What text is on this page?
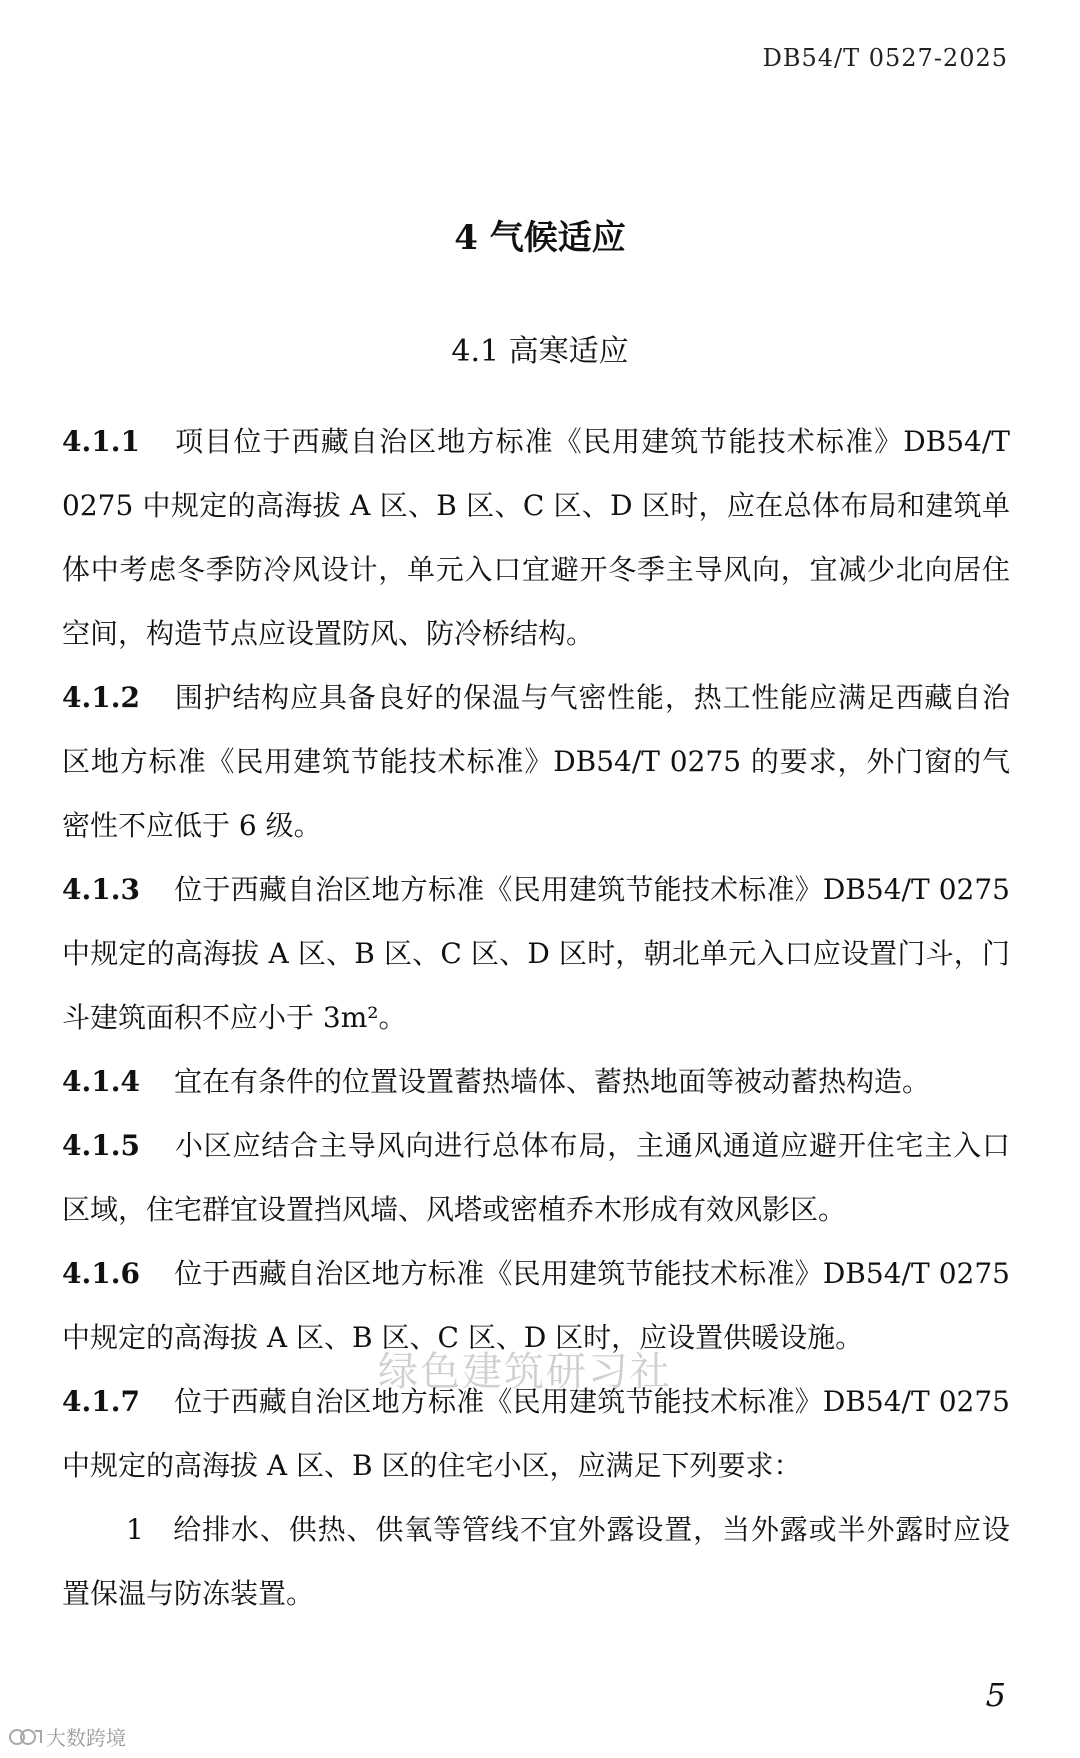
DB54/T 0527-2025
4 气候适应
4.1 高寒适应

4.1.1 项目位于西藏自治区地方标准《民用建筑节能技术标准》DB54/T 0275 中规定的高海拔 A 区、B 区、C 区、D 区时，应在总体布局和建筑单体中考虑冬季防冷风设计，单元入口宜避开冬季主导风向，宜减少北向居住空间，构造节点应设置防风、防冷桥结构。

4.1.2 围护结构应具备良好的保温与气密性能，热工性能应满足西藏自治区地方标准《民用建筑节能技术标准》DB54/T 0275 的要求，外门窗的气密性不应低于 6 级。

4.1.3 位于西藏自治区地方标准《民用建筑节能技术标准》DB54/T 0275 中规定的高海拔 A 区、B 区、C 区、D 区时，朝北单元入口应设置门斗，门斗建筑面积不应小于 3m²。

4.1.4 宜在有条件的位置设置蓄热墙体、蓄热地面等被动蓄热构造。

4.1.5 小区应结合主导风向进行总体布局，主通风通道应避开住宅主入口区域，住宅群宜设置挡风墙、风塔或密植乔木形成有效风影区。

4.1.6 位于西藏自治区地方标准《民用建筑节能技术标准》DB54/T 0275 中规定的高海拔 A 区、B 区、C 区、D 区时，应设置供暖设施。

4.1.7 位于西藏自治区地方标准《民用建筑节能技术标准》DB54/T 0275 中规定的高海拔 A 区、B 区的住宅小区，应满足下列要求：

1 给排水、供热、供氧等管线不宜外露设置，当外露或半外露时应设置保温与防冻装置。

绿色建筑研习社
5
大数跨境
